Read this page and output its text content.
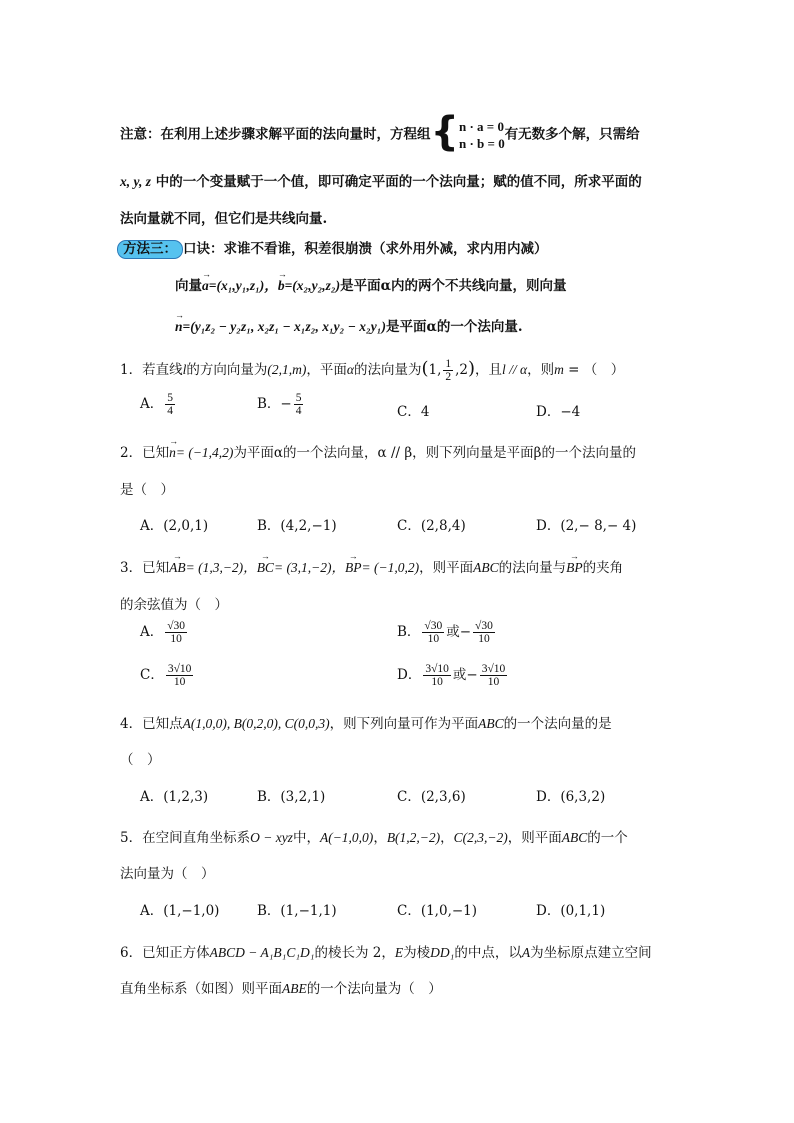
注意：在利用上述步骤求解平面的法向量时，方程组{ n · a = 0
n · b = 0
有无数多个解，只需给
x, y, z 中的一个变量赋于一个值，即可确定平面的一个法向量；赋的值不同，所求平面的
法向量就不同，但它们是共线向量.
方法三： 口诀：求谁不看谁，积差很崩溃（求外用外减，求内用内减）
向量→ a=(x₁,y₁,z₁)，→ b=(x₂,y₂,z₂)是平面α内的两个不共线向量，则向量
→ n=(y₁z₂ − y₂z₁, x₂z₁ − x₁z₂, x₁y₂ − x₂y₁)是平面α的一个法向量.
1．若直线l的方向向量为(2,1,m)，平面α的法向量为(1, $\frac{1}{2} ,2$)，且l // α，则m = （　）
A． $\frac{5}{4}$	B．− $\frac{5}{4}$	C．4	D．−4
2．已知→ n= (−1,4,2)为平面α的一个法向量，α // β，则下列向量是平面β的一个法向量的
是（　）
A．(2,0,1)	B．(4,2,−1)	C．(2,8,4)	D．(2,− 8,− 4)
3．已知→ AB= (1,3,−2)，→ BC= (3,1,−2)，→ BP= (−1,0,2)，则平面ABC的法向量与→ BP的夹角
的余弦值为（　）
A． $\frac{√30}{10}$	B． $\frac{√30}{10}$ 或− $\frac{√30}{10}$
C． $\frac{3√10}{10}$	D． $\frac{3√10}{10}$ 或− $\frac{3√10}{10}$
4．已知点A(1,0,0), B(0,2,0), C(0,0,3)，则下列向量可作为平面ABC的一个法向量的是
（　）
A．(1,2,3)	B．(3,2,1)	C．(2,3,6)	D．(6,3,2)
5．在空间直角坐标系O − xyz中，A(−1,0,0)，B(1,2,−2)，C(2,3,−2)，则平面ABC的一个
法向量为（　）
A．(1,−1,0)	B．(1,−1,1)	C．(1,0,−1)	D．(0,1,1)
6．已知正方体ABCD − A₁B₁C₁D₁的棱长为 2，E为棱DD₁的中点，以A为坐标原点建立空间
直角坐标系（如图）则平面ABE的一个法向量为（　）
